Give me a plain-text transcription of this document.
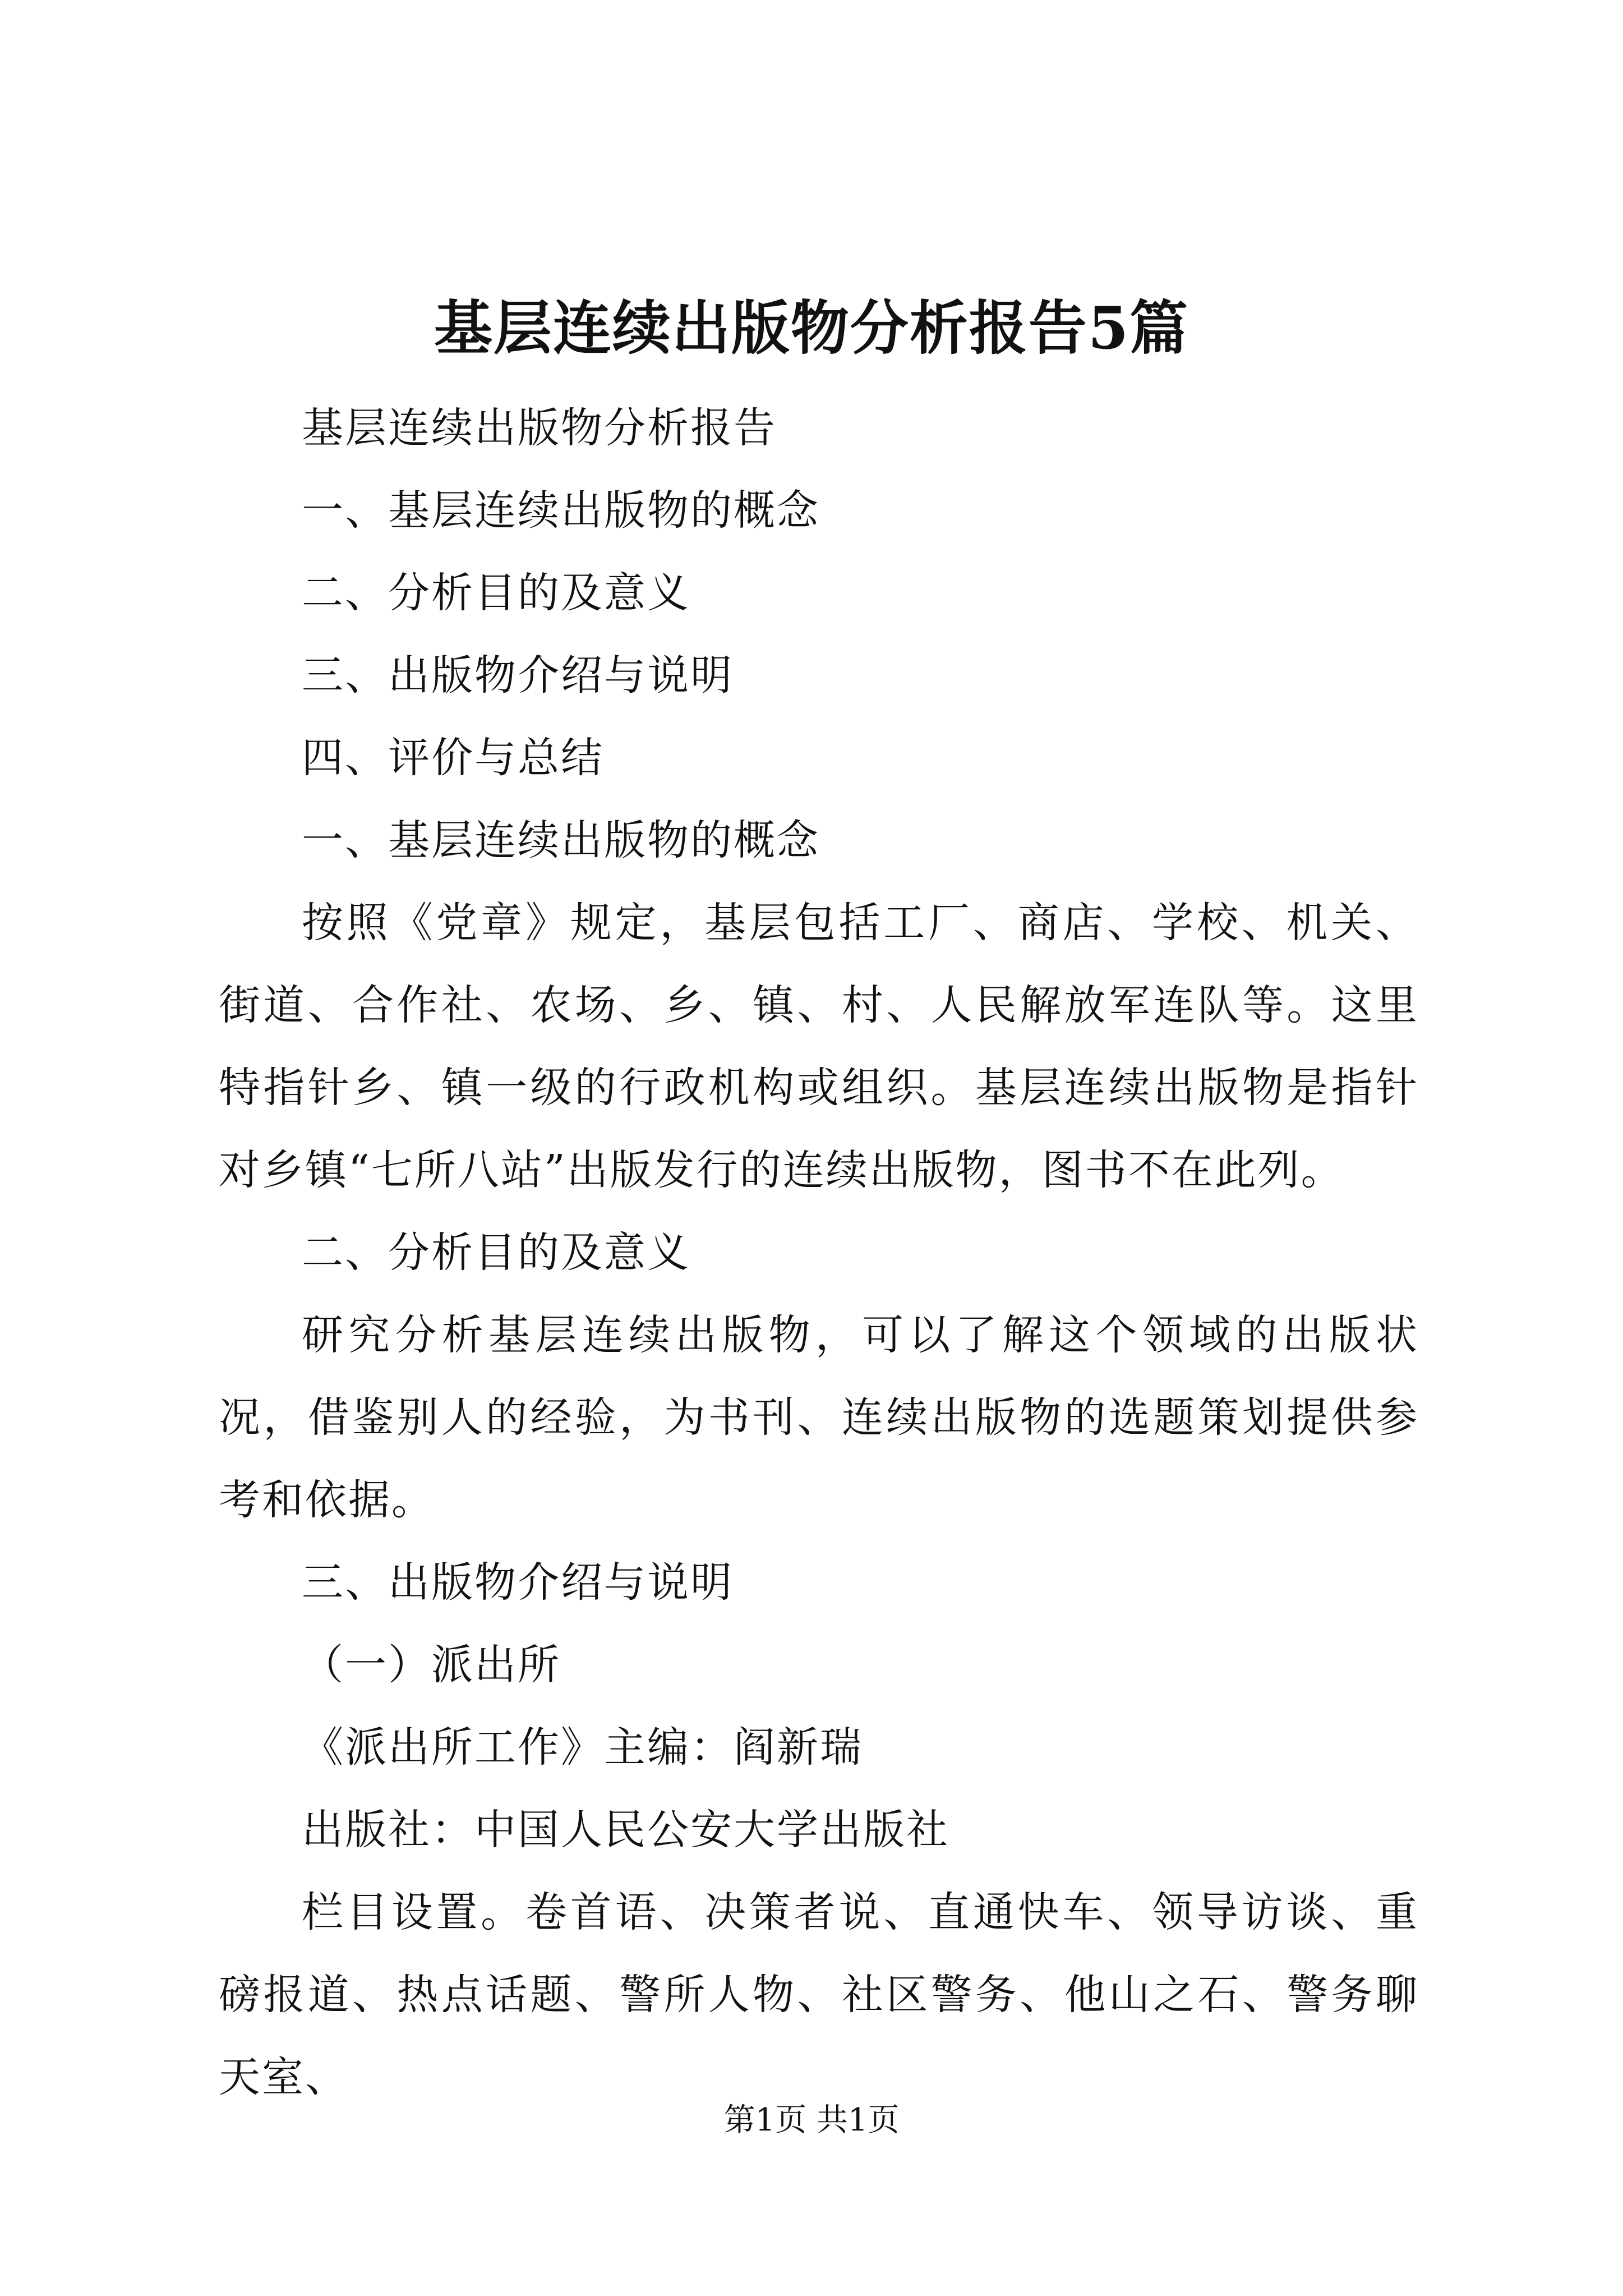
基层连续出版物分析报告5篇

基层连续出版物分析报告

一、基层连续出版物的概念

二、分析目的及意义

三、出版物介绍与说明

四、评价与总结

一、基层连续出版物的概念

按照《党章》规定，基层包括工厂、商店、学校、机关、街道、合作社、农场、乡、镇、村、人民解放军连队等。这里特指针乡、镇一级的行政机构或组织。基层连续出版物是指针对乡镇“七所八站”出版发行的连续出版物，图书不在此列。

二、分析目的及意义

研究分析基层连续出版物，可以了解这个领域的出版状况，借鉴别人的经验，为书刊、连续出版物的选题策划提供参考和依据。

三、出版物介绍与说明

（一）派出所

《派出所工作》主编：阎新瑞

出版社：中国人民公安大学出版社

栏目设置。卷首语、决策者说、直通快车、领导访谈、重磅报道、热点话题、警所人物、社区警务、他山之石、警务聊天室、

第1页 共1页
